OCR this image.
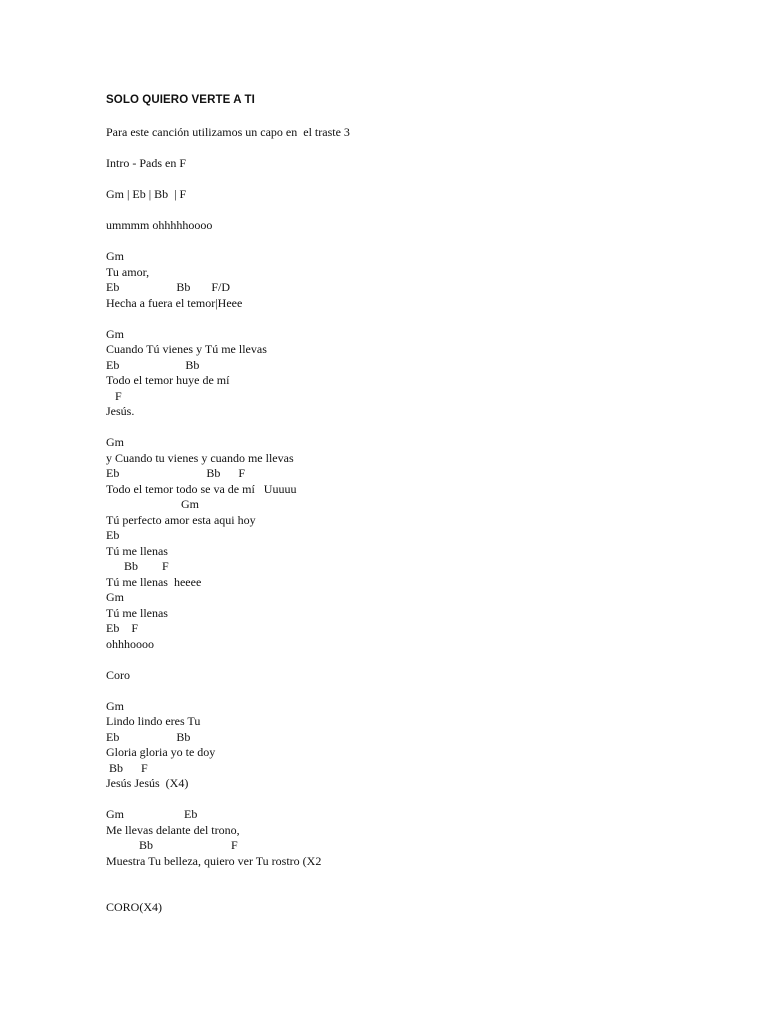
SOLO QUIERO VERTE A TI
Para este canción utilizamos un capo en  el traste 3
Intro - Pads en F
Gm | Eb | Bb  | F
ummmm ohhhhhoooo
Gm
Tu amor,
Eb                   Bb       F/D
Hecha a fuera el temor|Heee
Gm
Cuando Tú vienes y Tú me llevas
Eb                      Bb
Todo el temor huye de mí
F
Jesús.
Gm
y Cuando tu vienes y cuando me llevas
Eb                             Bb      F
Todo el temor todo se va de mí   Uuuuu
Gm
Tú perfecto amor esta aqui hoy
Eb
Tú me llenas
Bb        F
Tú me llenas  heeee
Gm
Tú me llenas
Eb    F
ohhhoooo
Coro
Gm
Lindo lindo eres Tu
Eb                   Bb
Gloria gloria yo te doy
Bb      F
Jesús Jesús  (X4)
Gm                    Eb
Me llevas delante del trono,
Bb                          F
Muestra Tu belleza, quiero ver Tu rostro (X2
CORO(X4)
